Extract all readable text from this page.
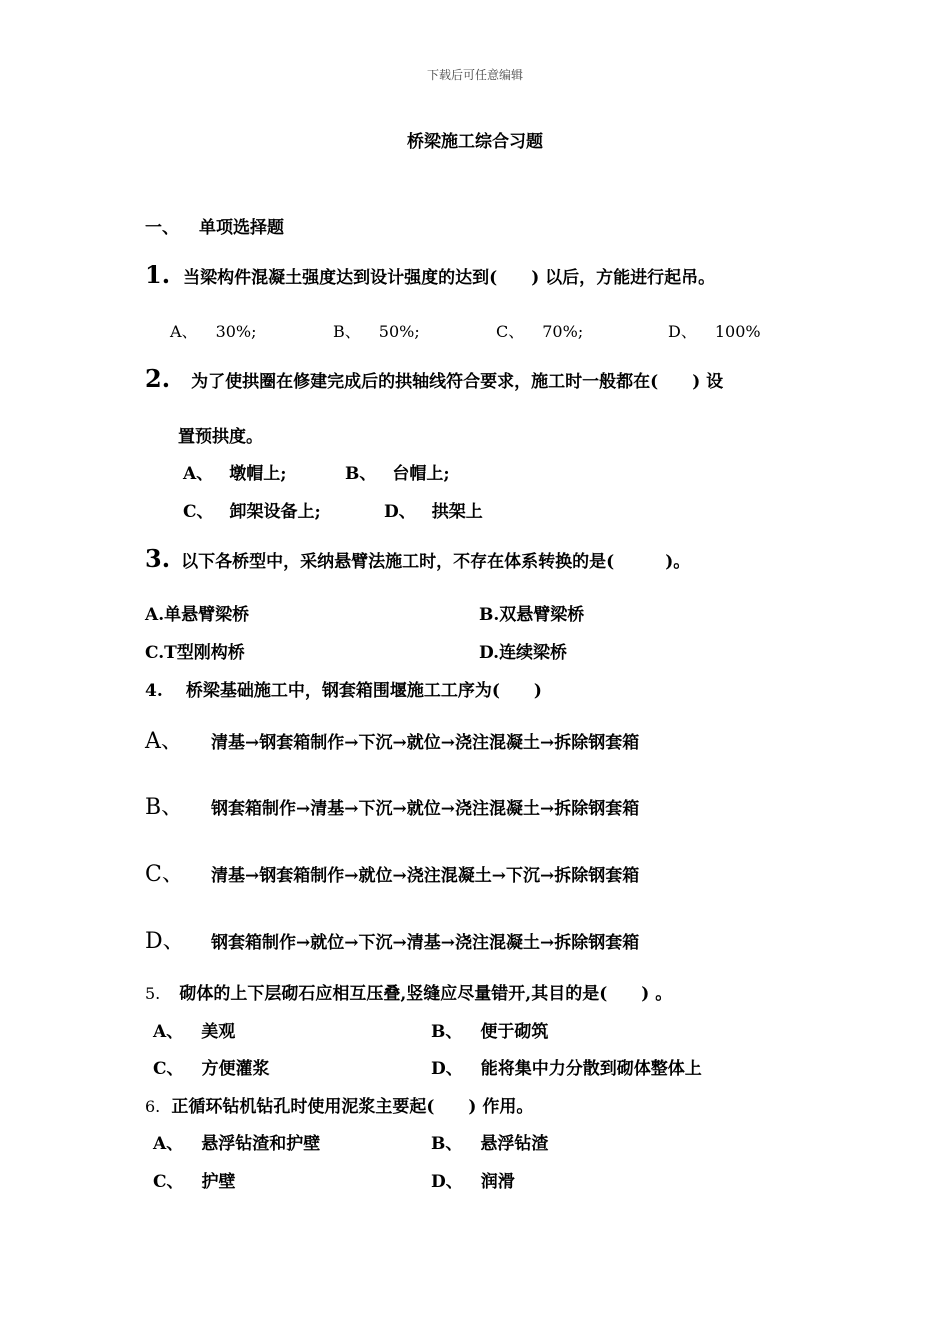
下载后可任意编辑
桥梁施工综合习题
一、 单项选择题
1. 当梁构件混凝土强度达到设计强度的达到(　　) 以后，方能进行起吊。
A、 30%;	B、 50%;	C、 70%;	D、 100%
2. 为了使拱圈在修建完成后的拱轴线符合要求，施工时一般都在(　　) 设
置预拱度。
A、 墩帽上;	B、 台帽上;
C、 卸架设备上;	D、 拱架上
3. 以下各桥型中，采纳悬臂法施工时，不存在体系转换的是(　　　)。
A.单悬臂梁桥	B.双悬臂梁桥
C.T型刚构桥	D.连续梁桥
4. 桥梁基础施工中，钢套箱围堰施工工序为(　　)
A、 清基→钢套箱制作→下沉→就位→浇注混凝土→拆除钢套箱
B、 钢套箱制作→清基→下沉→就位→浇注混凝土→拆除钢套箱
C、 清基→钢套箱制作→就位→浇注混凝土→下沉→拆除钢套箱
D、 钢套箱制作→就位→下沉→清基→浇注混凝土→拆除钢套箱
5. 砌体的上下层砌石应相互压叠,竖缝应尽量错开,其目的是(　　) 。
A、 美观	B、 便于砌筑
C、 方便灌浆	D、 能将集中力分散到砌体整体上
6. 正循环钻机钻孔时使用泥浆主要起(　　) 作用。
A、 悬浮钻渣和护壁	B、 悬浮钻渣
C、 护壁	D、 润滑
